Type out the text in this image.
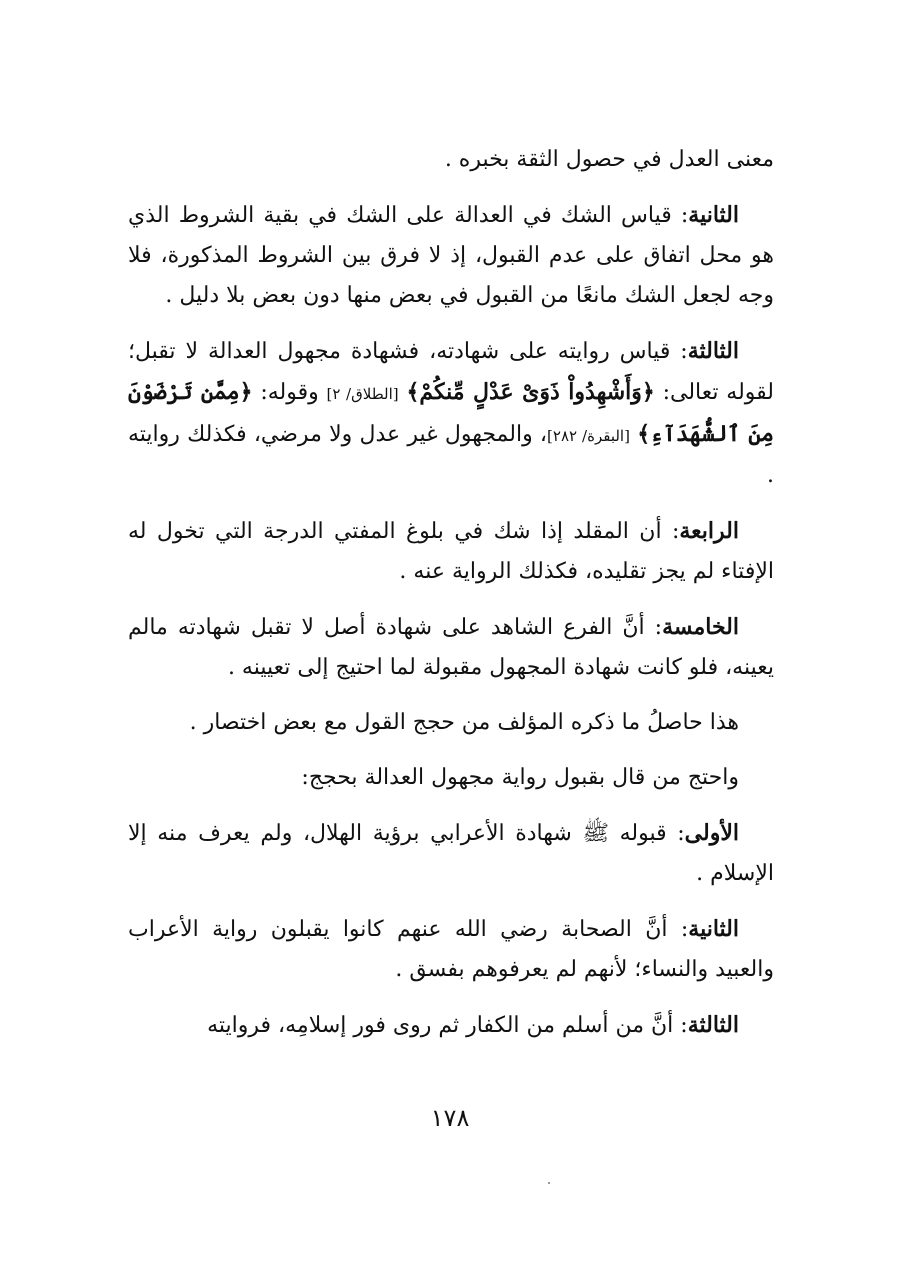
معنى العدل في حصول الثقة بخبره .

الثانية: قياس الشك في العدالة على الشك في بقية الشروط الذي هو محل اتفاق على عدم القبول، إذ لا فرق بين الشروط المذكورة، فلا وجه لجعل الشك مانعًا من القبول في بعض منها دون بعض بلا دليل .

الثالثة: قياس روايته على شهادته، فشهادة مجهول العدالة لا تقبل؛ لقوله تعالى: ﴿وَأَشْهِدُواْ ذَوَىْ عَدْلٍ مِّنكُمْ﴾ [الطلاق/ ٢] وقوله: ﴿مِمَّن تَرْضَوْنَ مِنَ ٱلشُّهَدَآءِ﴾ [البقرة/ ٢٨٢]، والمجهول غير عدل ولا مرضي، فكذلك روايته .

الرابعة: أن المقلد إذا شك في بلوغ المفتي الدرجة التي تخول له الإفتاء لم يجز تقليده، فكذلك الرواية عنه .

الخامسة: أنَّ الفرع الشاهد على شهادة أصل لا تقبل شهادته مالم يعينه، فلو كانت شهادة المجهول مقبولة لما احتيج إلى تعيينه .

هذا حاصلُ ما ذكره المؤلف من حجج القول مع بعض اختصار .

واحتج من قال بقبول رواية مجهول العدالة بحجج:

الأولى: قبوله ﷺ شهادة الأعرابي برؤية الهلال، ولم يعرف منه إلا الإسلام .

الثانية: أنَّ الصحابة رضي الله عنهم كانوا يقبلون رواية الأعراب والعبيد والنساء؛ لأنهم لم يعرفوهم بفسق .

الثالثة: أنَّ من أسلم من الكفار ثم روى فور إسلامِه، فروايته

١٧٨
